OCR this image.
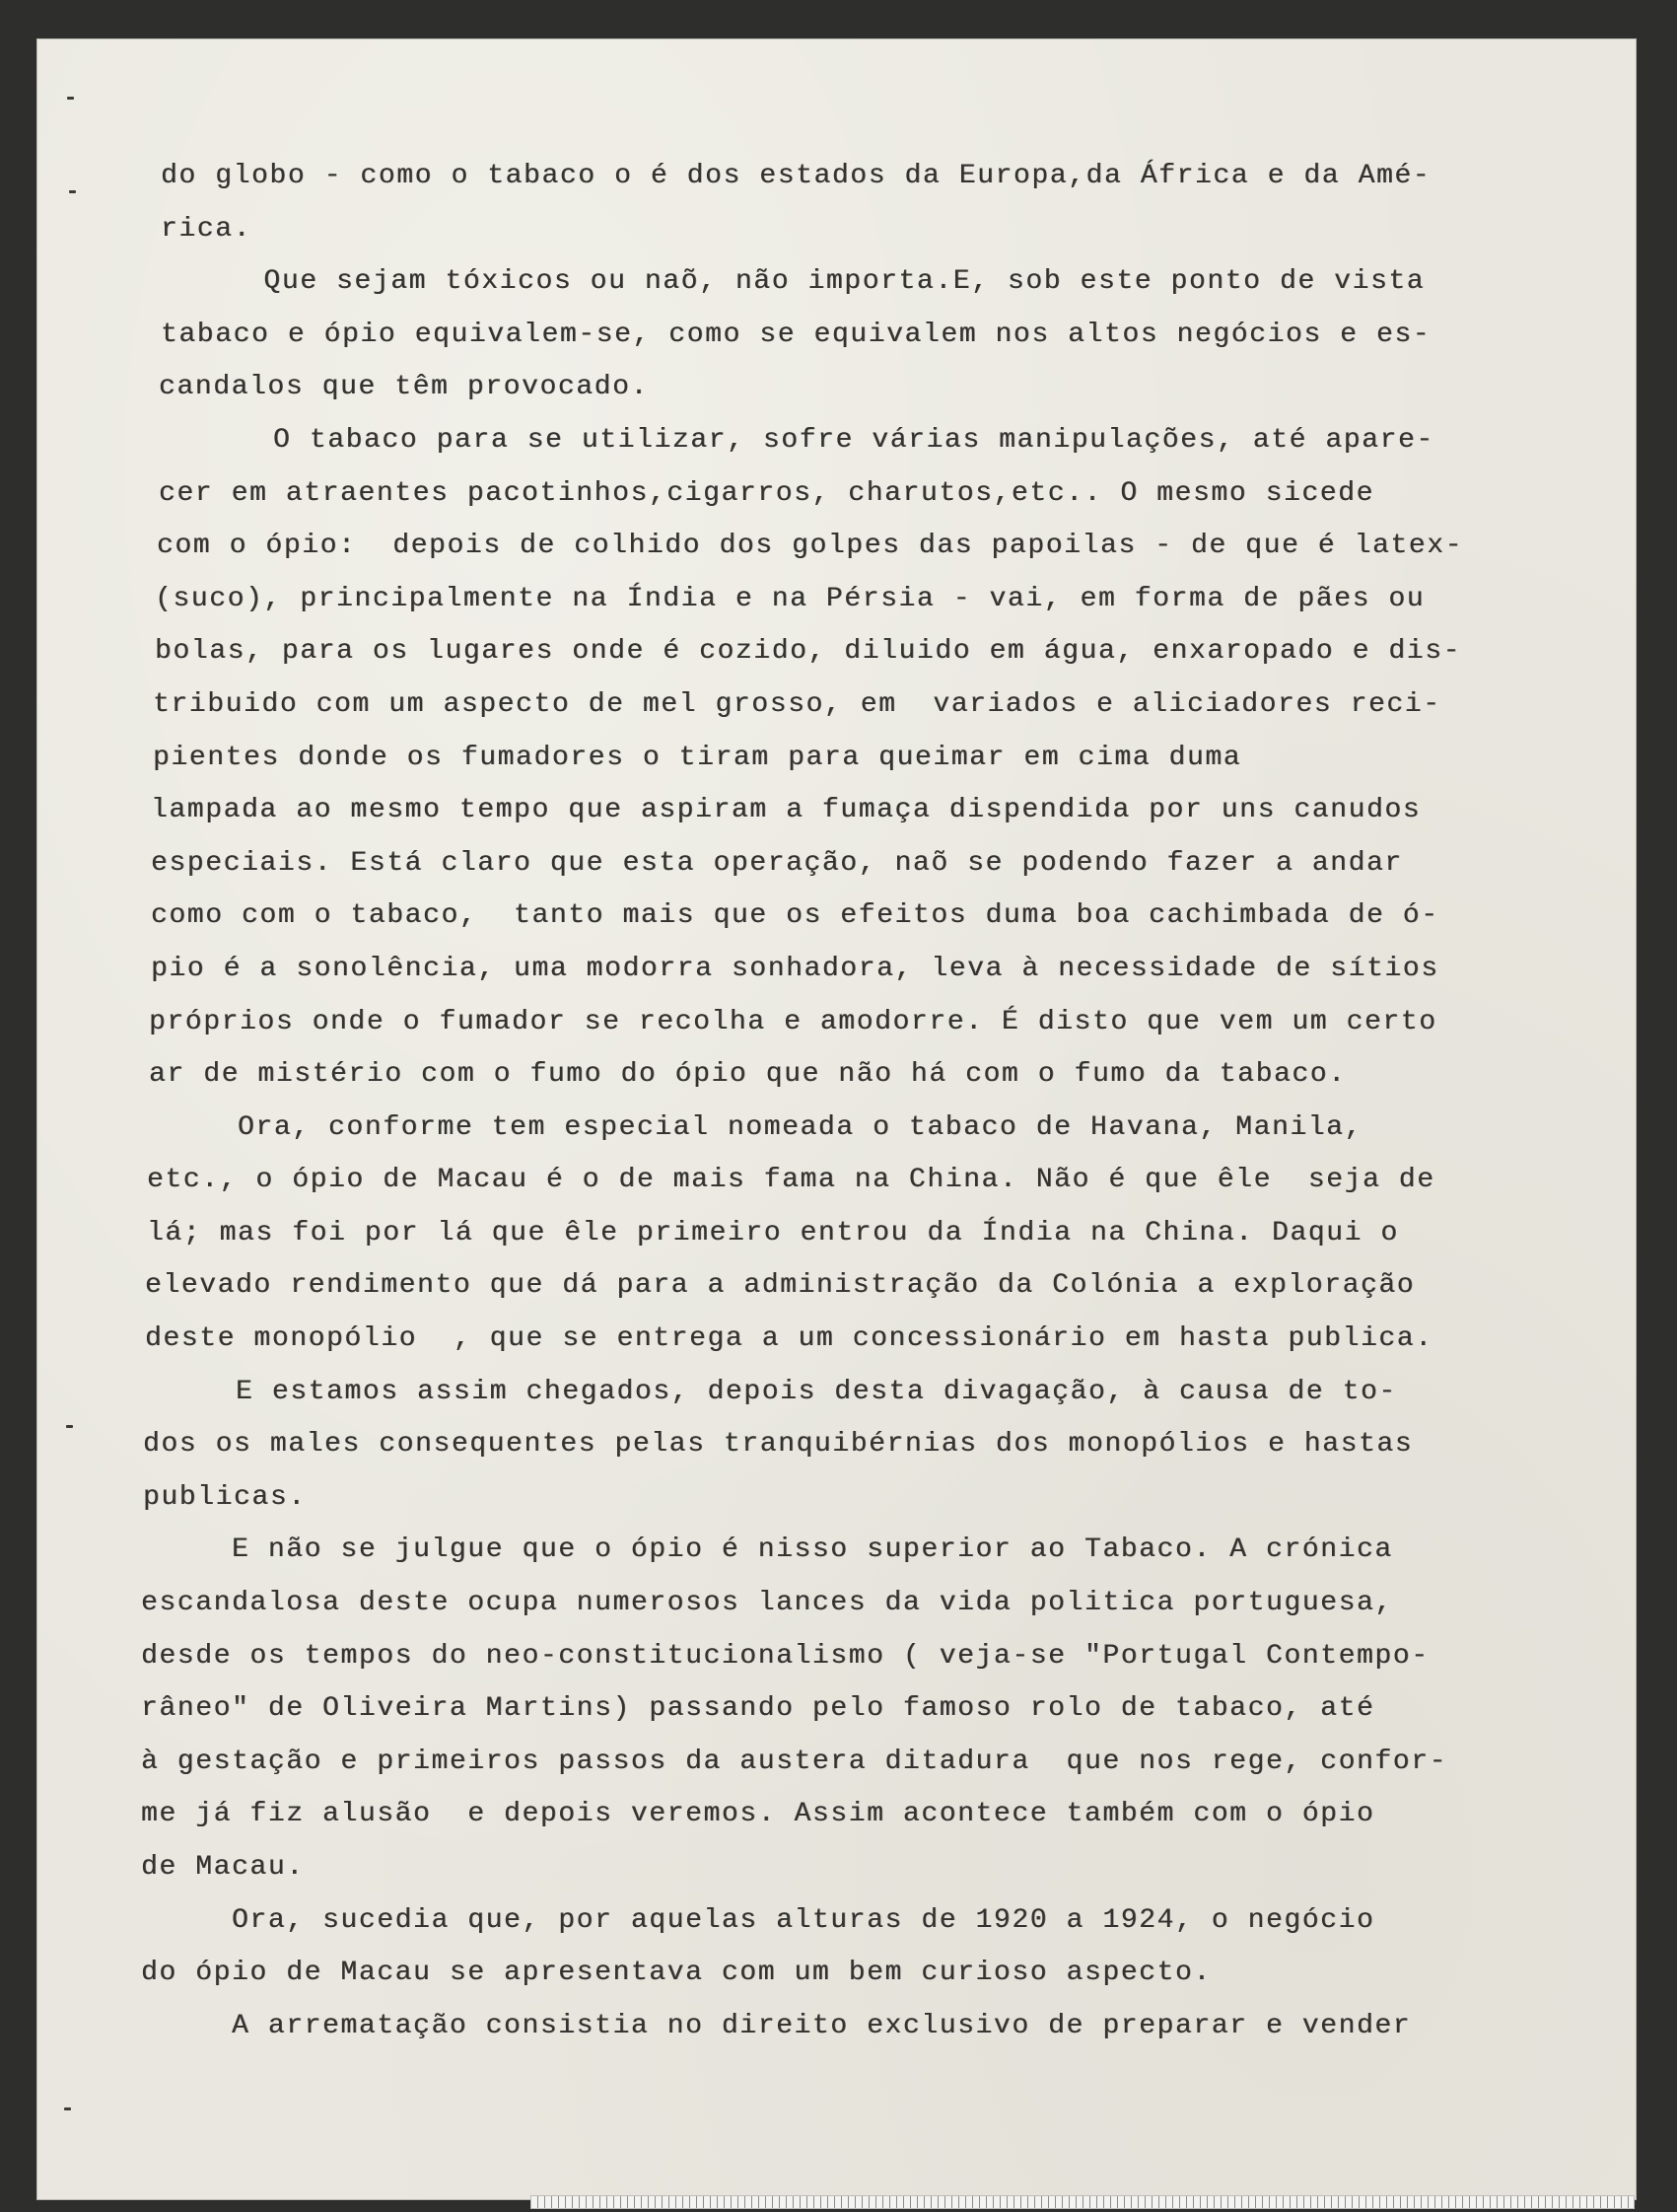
do globo - como o tabaco o é dos estados da Europa,da África e da Amé-
rica.
Que sejam tóxicos ou naõ, não importa.E, sob este ponto de vista
tabaco e ópio equivalem-se, como se equivalem nos altos negócios e es-
candalos que têm provocado.
O tabaco para se utilizar, sofre várias manipulações, até apare-
cer em atraentes pacotinhos,cigarros, charutos,etc.. O mesmo sicede
com o ópio:  depois de colhido dos golpes das papoilas - de que é latex-
(suco), principalmente na Índia e na Pérsia - vai, em forma de pães ou
bolas, para os lugares onde é cozido, diluido em água, enxaropado e dis-
tribuido com um aspecto de mel grosso, em  variados e aliciadores reci-
pientes donde os fumadores o tiram para queimar em cima duma
lampada ao mesmo tempo que aspiram a fumaça dispendida por uns canudos
especiais. Está claro que esta operação, naõ se podendo fazer a andar
como com o tabaco,  tanto mais que os efeitos duma boa cachimbada de ó-
pio é a sonolência, uma modorra sonhadora, leva à necessidade de sítios
próprios onde o fumador se recolha e amodorre. É disto que vem um certo
ar de mistério com o fumo do ópio que não há com o fumo da tabaco.
Ora, conforme tem especial nomeada o tabaco de Havana, Manila,
etc., o ópio de Macau é o de mais fama na China. Não é que êle  seja de
lá; mas foi por lá que êle primeiro entrou da Índia na China. Daqui o
elevado rendimento que dá para a administração da Colónia a exploração
deste monopólio  , que se entrega a um concessionário em hasta publica.
E estamos assim chegados, depois desta divagação, à causa de to-
dos os males consequentes pelas tranquibérnias dos monopólios e hastas
publicas.
E não se julgue que o ópio é nisso superior ao Tabaco. A crónica
escandalosa deste ocupa numerosos lances da vida politica portuguesa,
desde os tempos do neo-constitucionalismo ( veja-se "Portugal Contempo-
râneo" de Oliveira Martins) passando pelo famoso rolo de tabaco, até
à gestação e primeiros passos da austera ditadura  que nos rege, confor-
me já fiz alusão  e depois veremos. Assim acontece também com o ópio
de Macau.
Ora, sucedia que, por aquelas alturas de 1920 a 1924, o negócio
do ópio de Macau se apresentava com um bem curioso aspecto.
A arrematação consistia no direito exclusivo de preparar e vender
